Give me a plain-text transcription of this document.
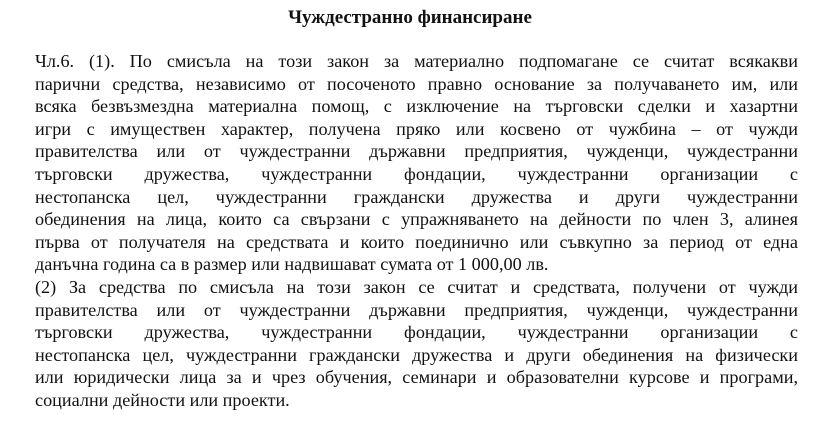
Чуждестранно финансиране
Чл.6. (1). По смисъла на този закон за материално подпомагане се считат всякакви
парични средства, независимо от посоченото правно основание за получаването им, или
всяка безвъзмездна материална помощ, с изключение на търговски сделки и хазартни
игри с имуществен характер, получена пряко или косвено от чужбина – от чужди
правителства или от чуждестранни държавни предприятия, чужденци, чуждестранни
търговски дружества, чуждестранни фондации, чуждестранни организации с
нестопанска цел, чуждестранни граждански дружества и други чуждестранни
обединения на лица, които са свързани с упражняването на дейности по член 3, алинея
първа от получателя на средствата и които поединично или съвкупно за период от една
данъчна година са в размер или надвишават сумата от 1 000,00 лв.
(2) За средства по смисъла на този закон се считат и средствата, получени от чужди
правителства или от чуждестранни държавни предприятия, чужденци, чуждестранни
търговски дружества, чуждестранни фондации, чуждестранни организации с
нестопанска цел, чуждестранни граждански дружества и други обединения на физически
или юридически лица за и чрез обучения, семинари и образователни курсове и програми,
социални дейности или проекти.
